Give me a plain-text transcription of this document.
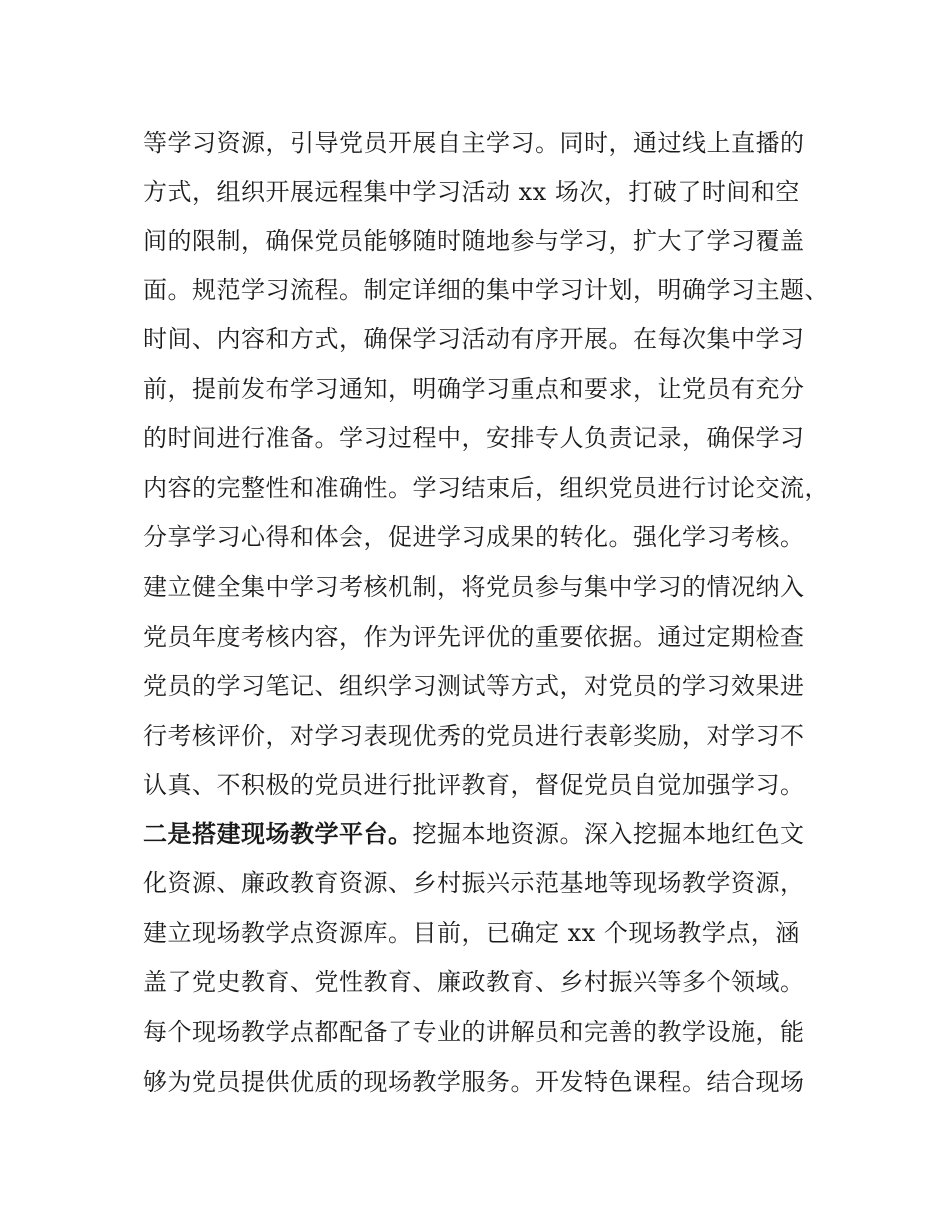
等学习资源，引导党员开展自主学习。同时，通过线上直播的
方式，组织开展远程集中学习活动 xx 场次，打破了时间和空
间的限制，确保党员能够随时随地参与学习，扩大了学习覆盖
面。规范学习流程。制定详细的集中学习计划，明确学习主题、
时间、内容和方式，确保学习活动有序开展。在每次集中学习
前，提前发布学习通知，明确学习重点和要求，让党员有充分
的时间进行准备。学习过程中，安排专人负责记录，确保学习
内容的完整性和准确性。学习结束后，组织党员进行讨论交流，
分享学习心得和体会，促进学习成果的转化。强化学习考核。
建立健全集中学习考核机制，将党员参与集中学习的情况纳入
党员年度考核内容，作为评先评优的重要依据。通过定期检查
党员的学习笔记、组织学习测试等方式，对党员的学习效果进
行考核评价，对学习表现优秀的党员进行表彰奖励，对学习不
认真、不积极的党员进行批评教育，督促党员自觉加强学习。
二是搭建现场教学平台。挖掘本地资源。深入挖掘本地红色文
化资源、廉政教育资源、乡村振兴示范基地等现场教学资源，
建立现场教学点资源库。目前，已确定 xx 个现场教学点，涵
盖了党史教育、党性教育、廉政教育、乡村振兴等多个领域。
每个现场教学点都配备了专业的讲解员和完善的教学设施，能
够为党员提供优质的现场教学服务。开发特色课程。结合现场
